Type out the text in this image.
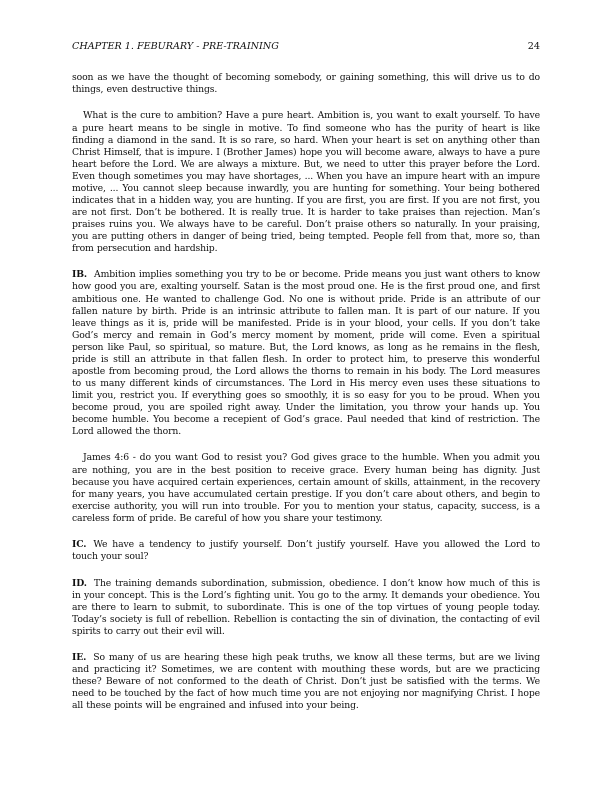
CHAPTER 1. FEBURARY - PRE-TRAINING	24

soon as we have the thought of becoming somebody, or gaining something, this will drive us to do things, even destructive things.

What is the cure to ambition? Have a pure heart. Ambition is, you want to exalt yourself. To have a pure heart means to be single in motive. To find someone who has the purity of heart is like finding a diamond in the sand. It is so rare, so hard. When your heart is set on anything other than Christ Himself, that is impure. I (Brother James) hope you will become aware, always to have a pure heart before the Lord. We are always a mixture. But, we need to utter this prayer before the Lord. Even though sometimes you may have shortages, ... When you have an impure heart with an impure motive, ... You cannot sleep because inwardly, you are hunting for something. Your being bothered indicates that in a hidden way, you are hunting. If you are first, you are first. If you are not first, you are not first. Don’t be bothered. It is really true. It is harder to take praises than rejection. Man’s praises ruins you. We always have to be careful. Don’t praise others so naturally. In your praising, you are putting others in danger of being tried, being tempted. People fell from that, more so, than from persecution and hardship.

IB. Ambition implies something you try to be or become. Pride means you just want others to know how good you are, exalting yourself. Satan is the most proud one. He is the first proud one, and first ambitious one. He wanted to challenge God. No one is without pride. Pride is an attribute of our fallen nature by birth. Pride is an intrinsic attribute to fallen man. It is part of our nature. If you leave things as it is, pride will be manifested. Pride is in your blood, your cells. If you don’t take God’s mercy and remain in God’s mercy moment by moment, pride will come. Even a spiritual person like Paul, so spiritual, so mature. But, the Lord knows, as long as he remains in the flesh, pride is still an attribute in that fallen flesh. In order to protect him, to preserve this wonderful apostle from becoming proud, the Lord allows the thorns to remain in his body. The Lord measures to us many different kinds of circumstances. The Lord in His mercy even uses these situations to limit you, restrict you. If everything goes so smoothly, it is so easy for you to be proud. When you become proud, you are spoiled right away. Under the limitation, you throw your hands up. You become humble. You become a recepient of God’s grace. Paul needed that kind of restriction. The Lord allowed the thorn.

James 4:6 - do you want God to resist you? God gives grace to the humble. When you admit you are nothing, you are in the best position to receive grace. Every human being has dignity. Just because you have acquired certain experiences, certain amount of skills, attainment, in the recovery for many years, you have accumulated certain prestige. If you don’t care about others, and begin to exercise authority, you will run into trouble. For you to mention your status, capacity, success, is a careless form of pride. Be careful of how you share your testimony.

IC. We have a tendency to justify yourself. Don’t justify yourself. Have you allowed the Lord to touch your soul?

ID. The training demands subordination, submission, obedience. I don’t know how much of this is in your concept. This is the Lord’s fighting unit. You go to the army. It demands your obedience. You are there to learn to submit, to subordinate. This is one of the top virtues of young people today. Today’s society is full of rebellion. Rebellion is contacting the sin of divination, the contacting of evil spirits to carry out their evil will.

IE. So many of us are hearing these high peak truths, we know all these terms, but are we living and practicing it? Sometimes, we are content with mouthing these words, but are we practicing these? Beware of not conformed to the death of Christ. Don’t just be satisfied with the terms. We need to be touched by the fact of how much time you are not enjoying nor magnifying Christ. I hope all these points will be engrained and infused into your being.
